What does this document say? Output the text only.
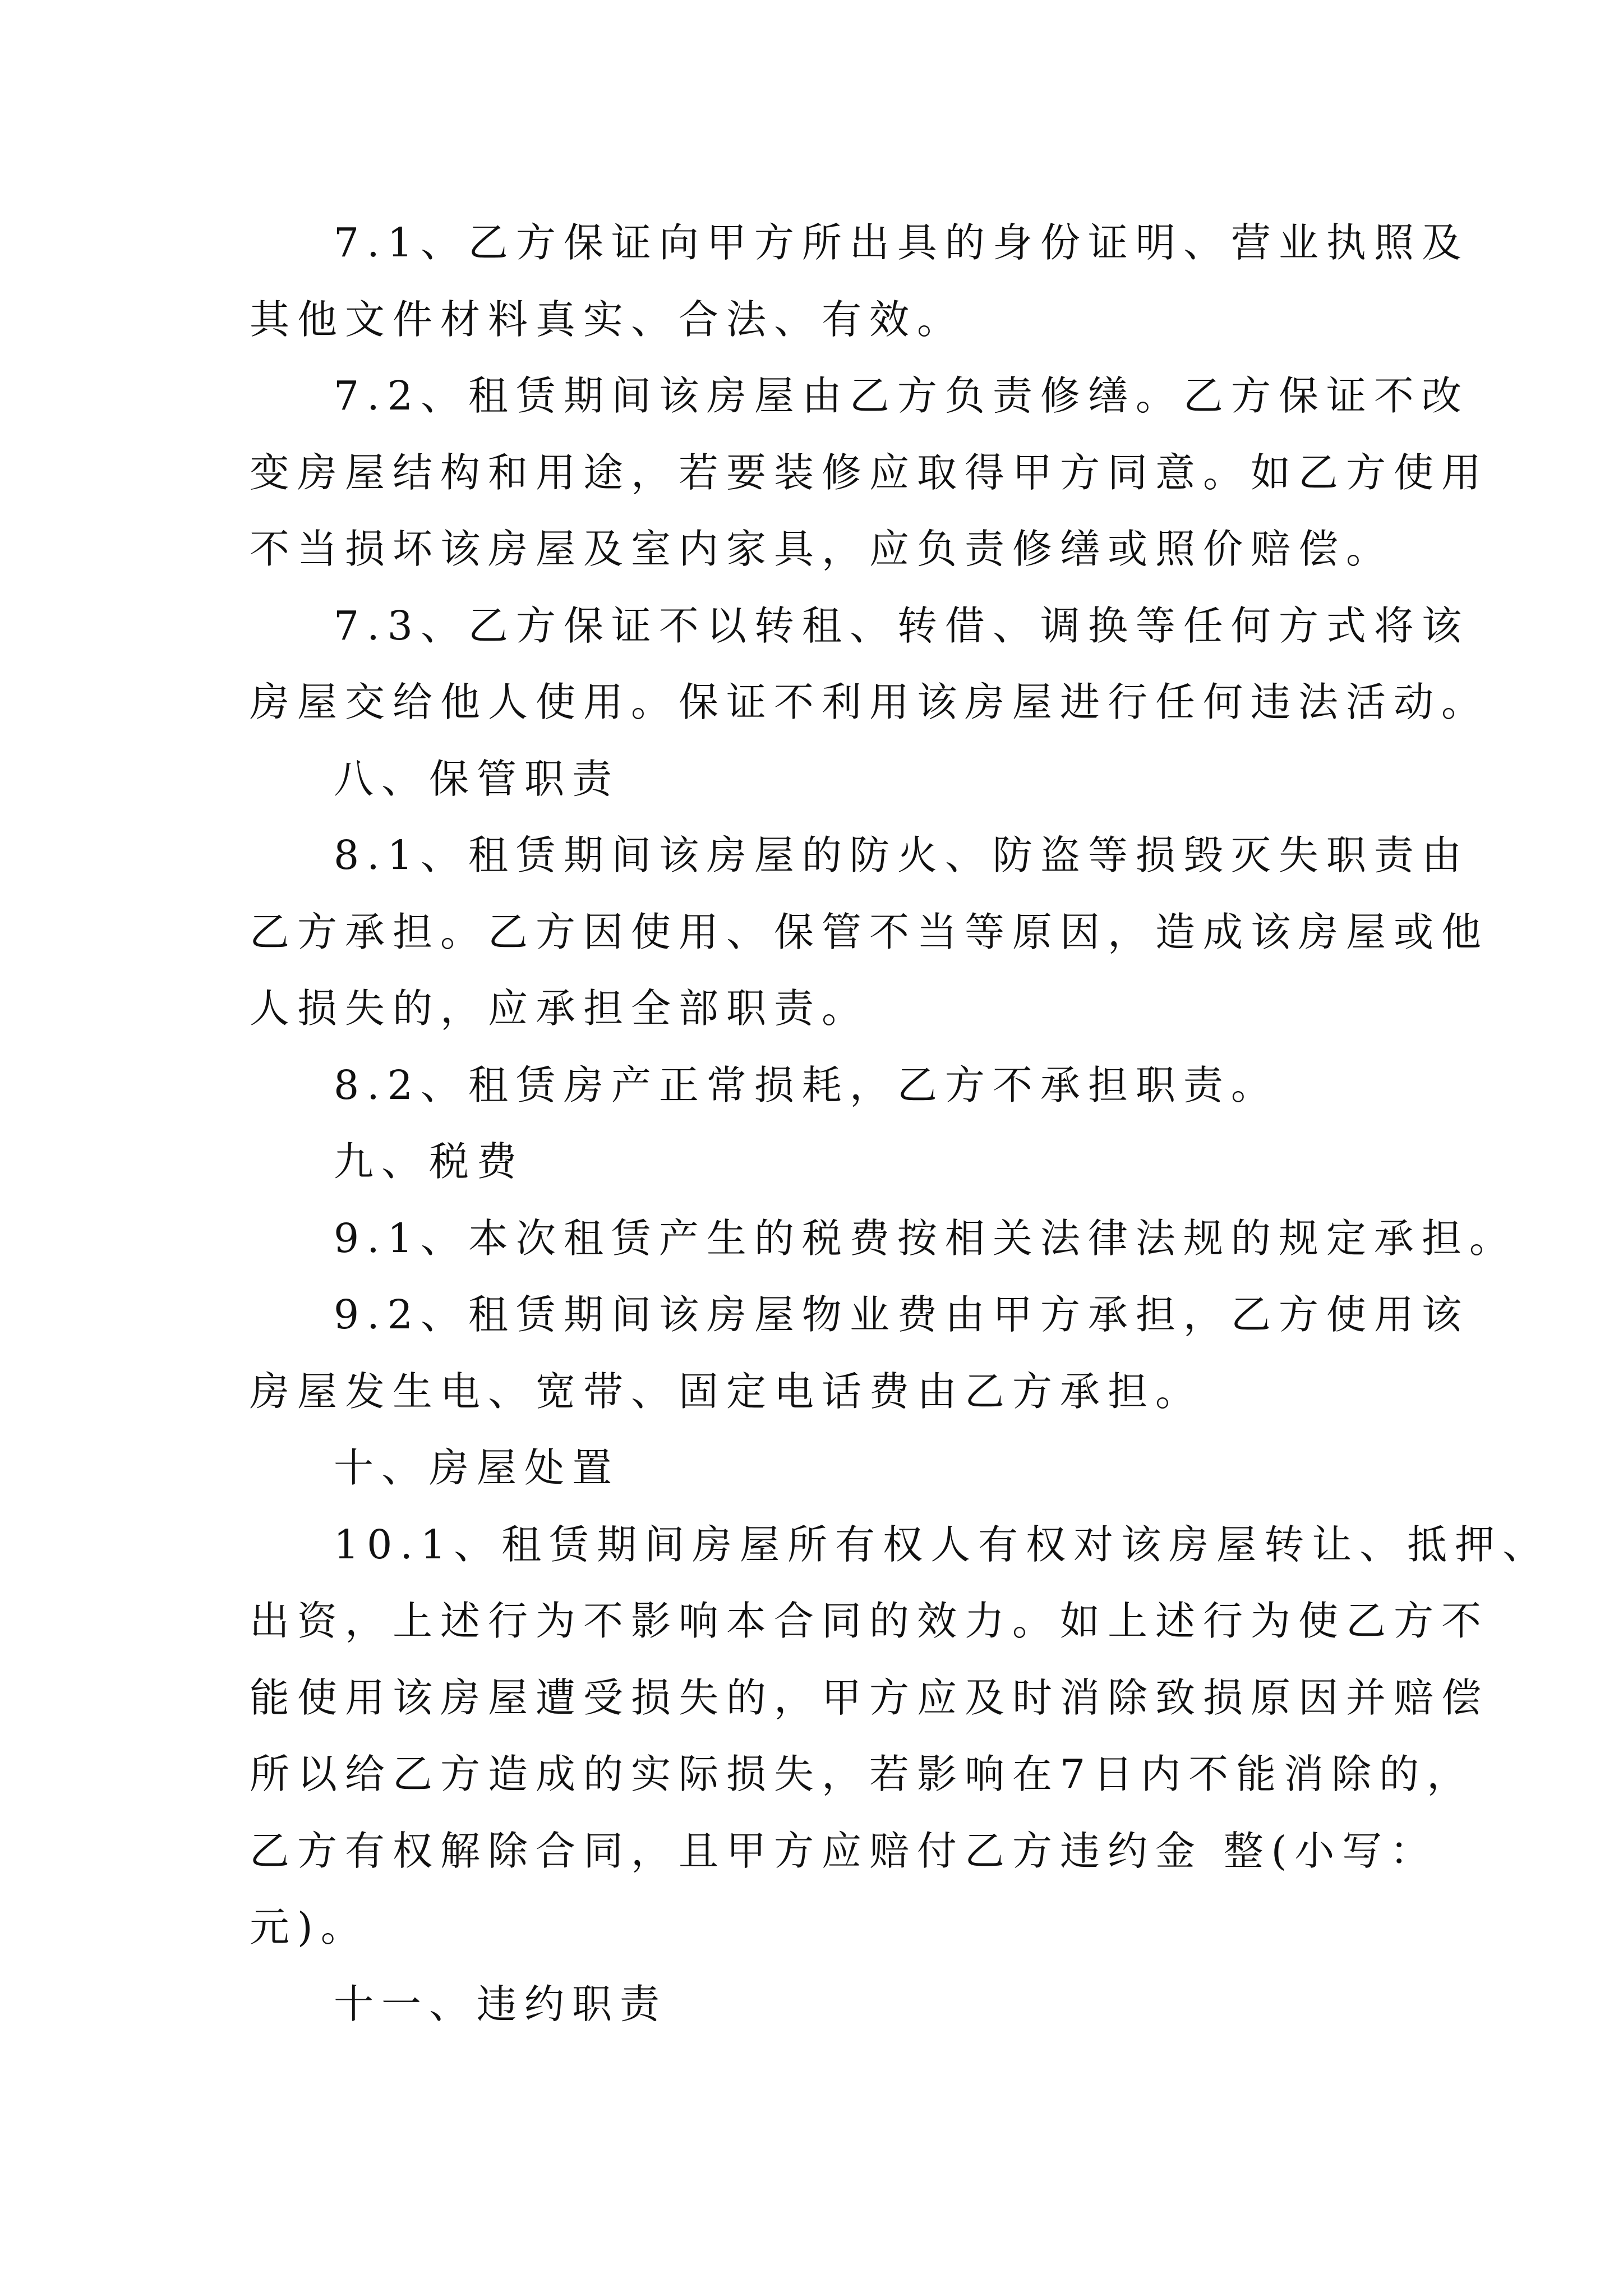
7.1、乙方保证向甲方所出具的身份证明、营业执照及
其他文件材料真实、合法、有效。
7.2、租赁期间该房屋由乙方负责修缮。乙方保证不改
变房屋结构和用途，若要装修应取得甲方同意。如乙方使用
不当损坏该房屋及室内家具，应负责修缮或照价赔偿。
7.3、乙方保证不以转租、转借、调换等任何方式将该
房屋交给他人使用。保证不利用该房屋进行任何违法活动。
八、保管职责
8.1、租赁期间该房屋的防火、防盗等损毁灭失职责由
乙方承担。乙方因使用、保管不当等原因，造成该房屋或他
人损失的，应承担全部职责。
8.2、租赁房产正常损耗，乙方不承担职责。
九、税费
9.1、本次租赁产生的税费按相关法律法规的规定承担。
9.2、租赁期间该房屋物业费由甲方承担，乙方使用该
房屋发生电、宽带、固定电话费由乙方承担。
十、房屋处置
10.1、租赁期间房屋所有权人有权对该房屋转让、抵押、
出资，上述行为不影响本合同的效力。如上述行为使乙方不
能使用该房屋遭受损失的，甲方应及时消除致损原因并赔偿
所以给乙方造成的实际损失，若影响在7日内不能消除的，
乙方有权解除合同，且甲方应赔付乙方违约金 整(小写：
元)。
十一、违约职责
